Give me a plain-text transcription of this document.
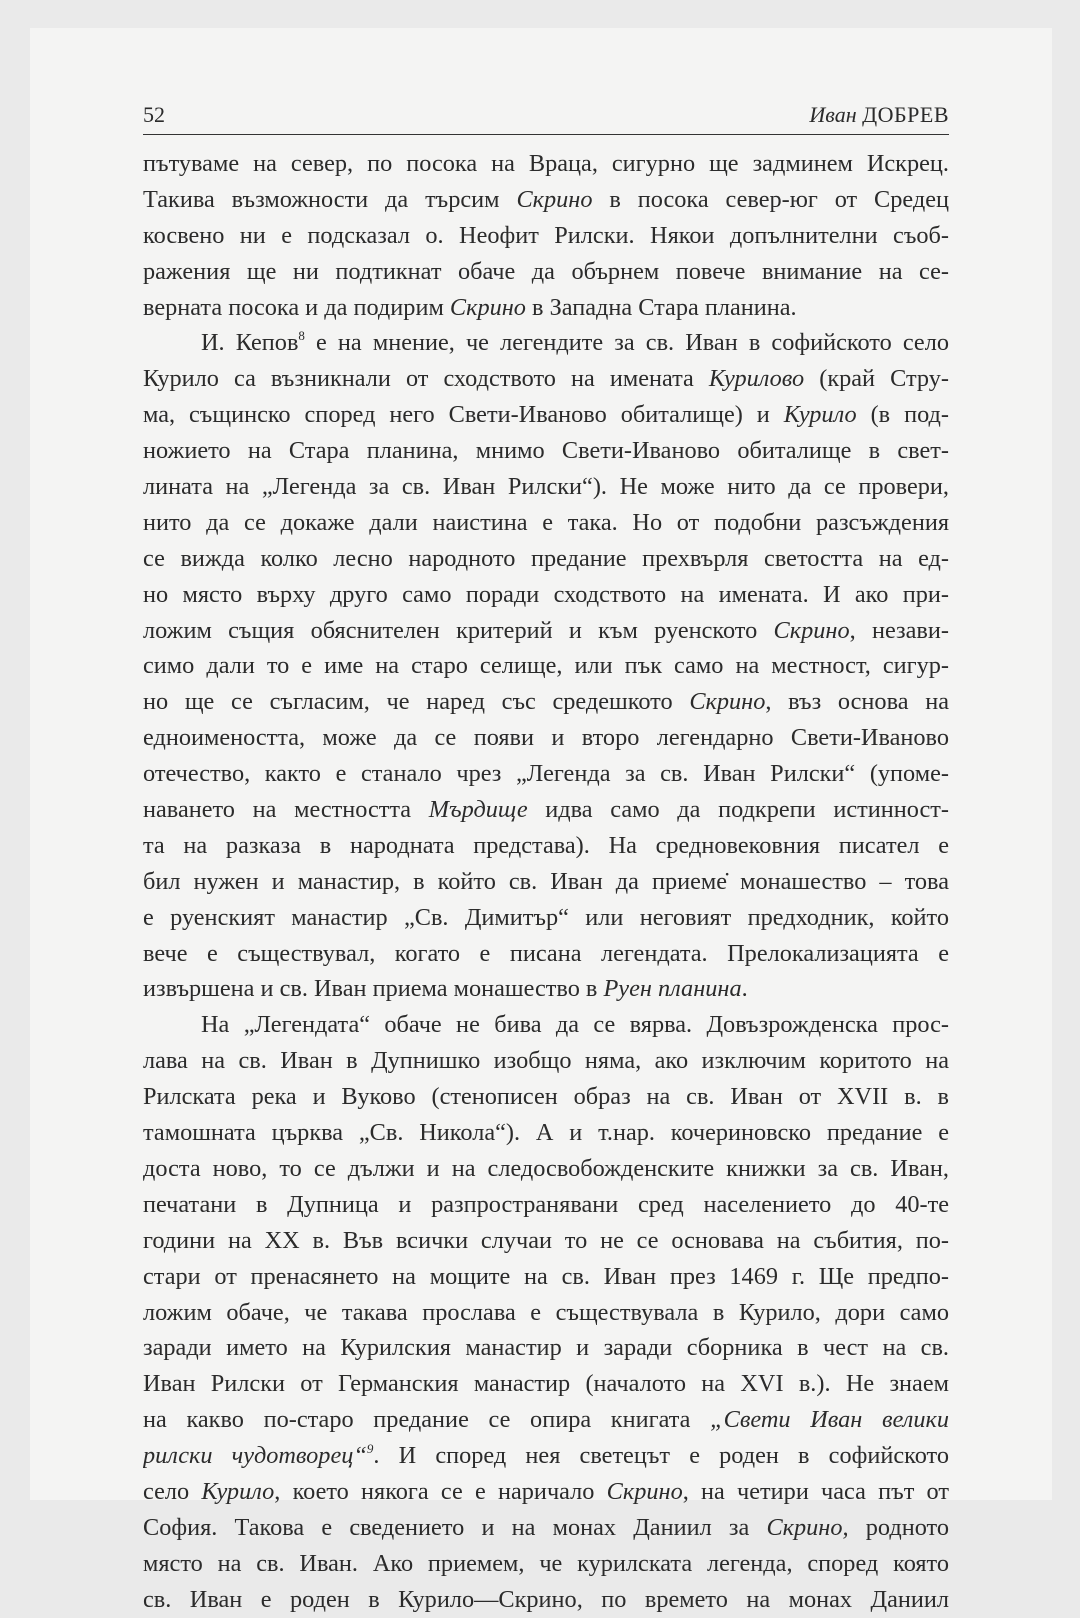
52	Иван ДОБРЕВ
пътуваме на север, по посока на Враца, сигурно ще задминем Искрец.
Такива възможности да търсим Скрино в посока север-юг от Средец
косвено ни е подсказал о. Неофит Рилски. Някои допълнителни съоб-
ражения ще ни подтикнат обаче да обърнем повече внимание на се-
верната посока и да подирим Скрино в Западна Стара планина.
И. Кепов$^8$ е на мнение, че легендите за св. Иван в софийското село
Курило са възникнали от сходството на имената Курилово (край Стру-
ма, същинско според него Свети-Иваново обиталище) и Курило (в под-
ножието на Стара планина, мнимо Свети-Иваново обиталище в свет-
лината на „Легенда за св. Иван Рилски“). Не може нито да се провери,
нито да се докаже дали наистина е така. Но от подобни разсъждения
се вижда колко лесно народното предание прехвърля светостта на ед-
но място върху друго само поради сходството на имената. И ако при-
ложим същия обяснителен критерий и към руенското Скрино, незави-
симо дали то е име на старо селище, или пък само на местност, сигур-
но ще се съгласим, че наред със средешкото Скрино, въз основа на
едноимеността, може да се появи и второ легендарно Свети-Иваново
отечество, както е станало чрез „Легенда за св. Иван Рилски“ (упоме-
наването на местността Мърдище идва само да подкрепи истинност-
та на разказа в народната представа). На средновековния писател е
бил нужен и манастир, в който св. Иван да приеме̇ монашество – това
е руенският манастир „Св. Димитър“ или неговият предходник, който
вече е съществувал, когато е писана легендата. Прелокализацията е
извършена и св. Иван приема монашество в Руен планина.
На „Легендата“ обаче не бива да се вярва. Довъзрожденска прос-
лава на св. Иван в Дупнишко изобщо няма, ако изключим коритото на
Рилската река и Вуково (стенописен образ на св. Иван от XVII в. в
тамошната църква „Св. Никола“). А и т.нар. кочериновско предание е
доста ново, то се дължи и на следосвобожденските книжки за св. Иван,
печатани в Дупница и разпространявани сред населението до 40-те
години на XX в. Във всички случаи то не се основава на събития, по-
стари от пренасянето на мощите на св. Иван през 1469 г. Ще предпо-
ложим обаче, че такава прослава е съществувала в Курило, дори само
заради името на Курилския манастир и заради сборника в чест на св.
Иван Рилски от Германския манастир (началото на XVI в.). Не знаем
на какво по-старо предание се опира книгата „Свети Иван велики
рилски чудотворец“$^9$. И според нея светецът е роден в софийското
село Курило, което някога се е наричало Скрино, на четири часа път от
София. Такова е сведението и на монах Даниил за Скрино, родното
място на св. Иван. Ако приемем, че курилската легенда, според която
св. Иван е роден в Курило—Скрино, по времето на монах Даниил
